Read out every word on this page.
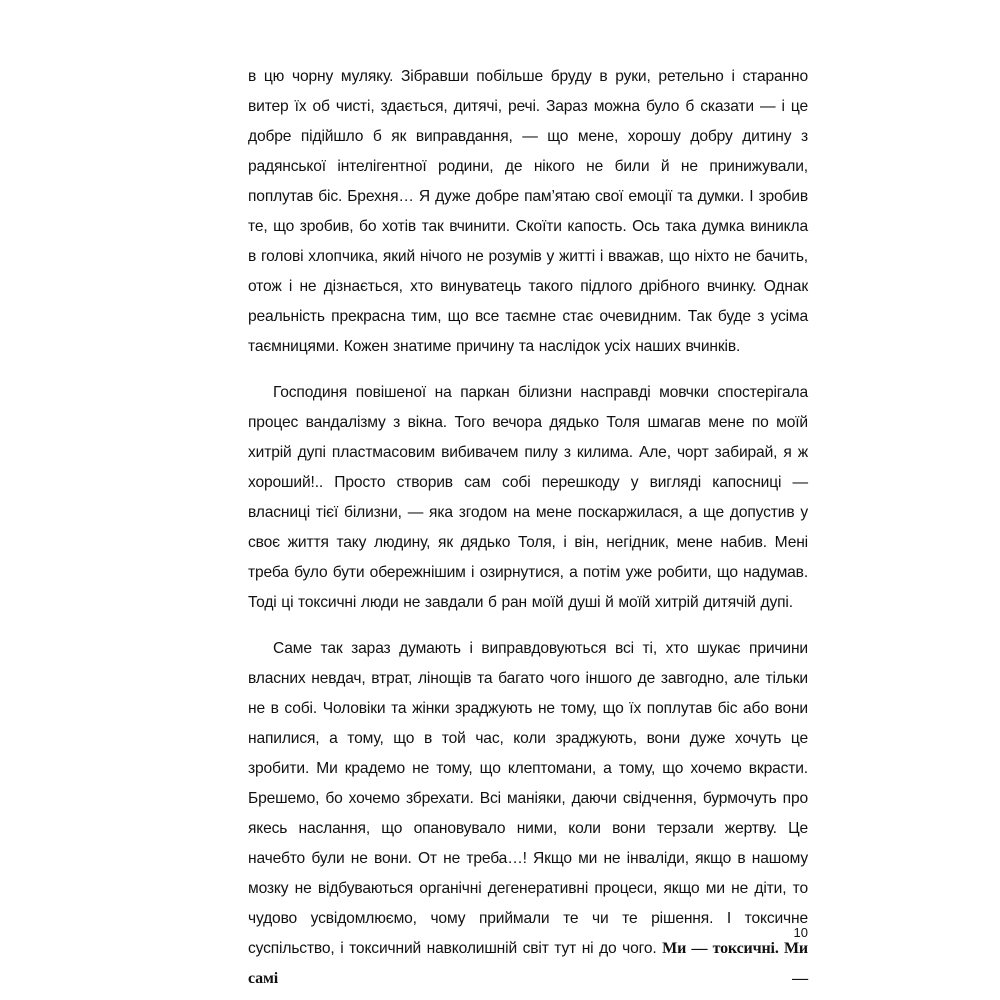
в цю чорну муляку. Зібравши побільше бруду в руки, ретельно і старанно витер їх об чисті, здається, дитячі, речі. Зараз можна було б сказати — і це добре підійшло б як виправдання, — що мене, хорошу добру дитину з радянської інтелігентної родини, де нікого не били й не принижували, поплутав біс. Брехня… Я дуже добре пам’ятаю свої емоції та думки. І зробив те, що зробив, бо хотів так вчинити. Скоїти капость. Ось така думка виникла в голові хлопчика, який нічого не розумів у житті і вважав, що ніхто не бачить, отож і не дізнається, хто винуватець такого підлого дрібного вчинку. Однак реальність прекрасна тим, що все таємне стає очевидним. Так буде з усіма таємницями. Кожен знатиме причину та наслідок усіх наших вчинків.

Господиня повішеної на паркан білизни насправді мовчки спостерігала процес вандалізму з вікна. Того вечора дядько Толя шмагав мене по моїй хитрій дупі пластмасовим вибивачем пилу з килима. Але, чорт забирай, я ж хороший!.. Просто створив сам собі перешкоду у вигляді капосниці — власниці тієї білизни, — яка згодом на мене поскаржилася, а ще допустив у своє життя таку людину, як дядько Толя, і він, негідник, мене набив. Мені треба було бути обережнішим і озирнутися, а потім уже робити, що надумав. Тоді ці токсичні люди не завдали б ран моїй душі й моїй хитрій дитячій дупі.

Саме так зараз думають і виправдовуються всі ті, хто шукає причини власних невдач, втрат, лінощів та багато чого іншого де завгодно, але тільки не в собі. Чоловіки та жінки зраджують не тому, що їх поплутав біс або вони напилися, а тому, що в той час, коли зраджують, вони дуже хочуть це зробити. Ми крадемо не тому, що клептомани, а тому, що хочемо вкрасти. Брешемо, бо хочемо збрехати. Всі маніяки, даючи свідчення, бурмочуть про якесь наслання, що опановувало ними, коли вони терзали жертву. Це начебто були не вони. От не треба…! Якщо ми не інваліди, якщо в нашому мозку не відбуваються органічні дегенеративні процеси, якщо ми не діти, то чудово усвідомлюємо, чому приймали те чи те рішення. І токсичне суспільство, і токсичний навколишній світ тут ні до чого. Ми — токсичні. Ми самі —

10
